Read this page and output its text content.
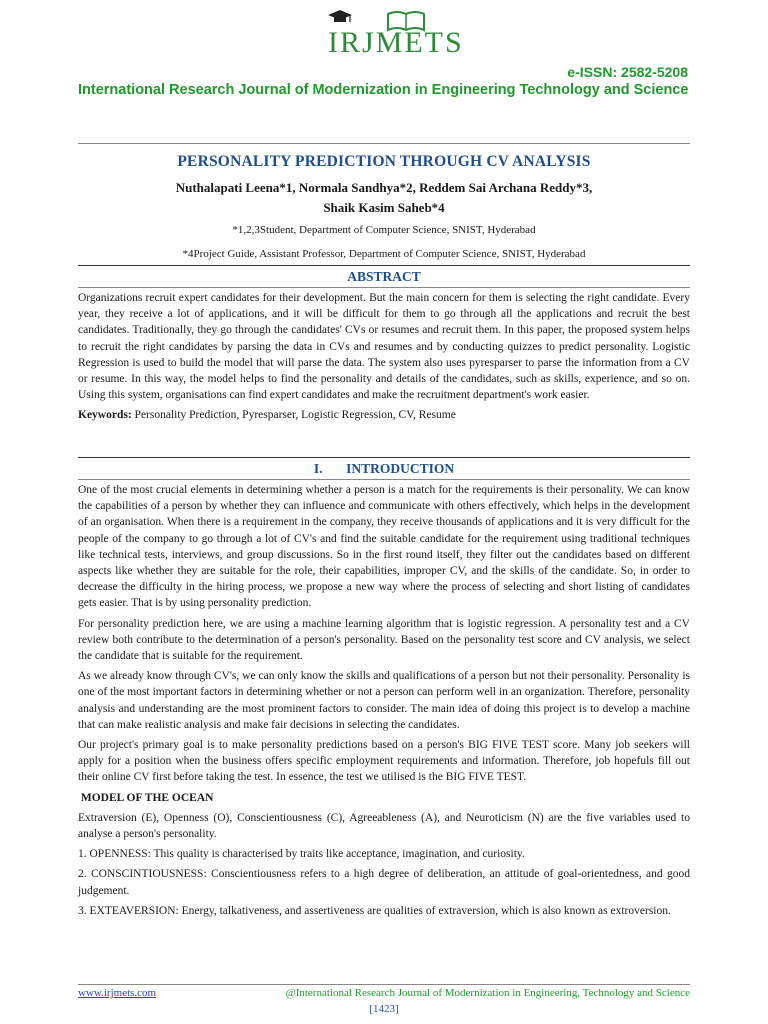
IRJMETS
e-ISSN: 2582-5208
International Research Journal of Modernization in Engineering Technology and Science
PERSONALITY PREDICTION THROUGH CV ANALYSIS
Nuthalapati Leena*1, Normala Sandhya*2, Reddem Sai Archana Reddy*3,
Shaik Kasim Saheb*4
*1,2,3Student, Department of Computer Science, SNIST, Hyderabad
*4Project Guide, Assistant Professor, Department of Computer Science, SNIST, Hyderabad
ABSTRACT

Organizations recruit expert candidates for their development. But the main concern for them is selecting the right candidate. Every year, they receive a lot of applications, and it will be difficult for them to go through all the applications and recruit the best candidates. Traditionally, they go through the candidates' CVs or resumes and recruit them. In this paper, the proposed system helps to recruit the right candidates by parsing the data in CVs and resumes and by conducting quizzes to predict personality. Logistic Regression is used to build the model that will parse the data. The system also uses pyresparser to parse the information from a CV or resume. In this way, the model helps to find the personality and details of the candidates, such as skills, experience, and so on. Using this system, organisations can find expert candidates and make the recruitment department's work easier.

Keywords: Personality Prediction, Pyresparser, Logistic Regression, CV, Resume

I.       INTRODUCTION

One of the most crucial elements in determining whether a person is a match for the requirements is their personality. We can know the capabilities of a person by whether they can influence and communicate with others effectively, which helps in the development of an organisation. When there is a requirement in the company, they receive thousands of applications and it is very difficult for the people of the company to go through a lot of CV's and find the suitable candidate for the requirement using traditional techniques like technical tests, interviews, and group discussions. So in the first round itself, they filter out the candidates based on different aspects like whether they are suitable for the role, their capabilities, improper CV, and the skills of the candidate. So, in order to decrease the difficulty in the hiring process, we propose a new way where the process of selecting and short listing of candidates gets easier. That is by using personality prediction.

For personality prediction here, we are using a machine learning algorithm that is logistic regression. A personality test and a CV review both contribute to the determination of a person's personality. Based on the personality test score and CV analysis, we select the candidate that is suitable for the requirement.

As we already know through CV's, we can only know the skills and qualifications of a person but not their personality. Personality is one of the most important factors in determining whether or not a person can perform well in an organization. Therefore, personality analysis and understanding are the most prominent factors to consider. The main idea of doing this project is to develop a machine that can make realistic analysis and make fair decisions in selecting the candidates.

Our project's primary goal is to make personality predictions based on a person's BIG FIVE TEST score. Many job seekers will apply for a position when the business offers specific employment requirements and information. Therefore, job hopefuls fill out their online CV first before taking the test. In essence, the test we utilised is the BIG FIVE TEST.

MODEL OF THE OCEAN

Extraversion (E), Openness (O), Conscientiousness (C), Agreeableness (A), and Neuroticism (N) are the five variables used to analyse a person's personality.

1. OPENNESS: This quality is characterised by traits like acceptance, imagination, and curiosity.

2. CONSCINTIOUSNESS: Conscientiousness refers to a high degree of deliberation, an attitude of goal-orientedness, and good judgement.

3. EXTEAVERSION: Energy, talkativeness, and assertiveness are qualities of extraversion, which is also known as extroversion.

www.irjmets.com	@International Research Journal of Modernization in Engineering, Technology and Science
[1423]
